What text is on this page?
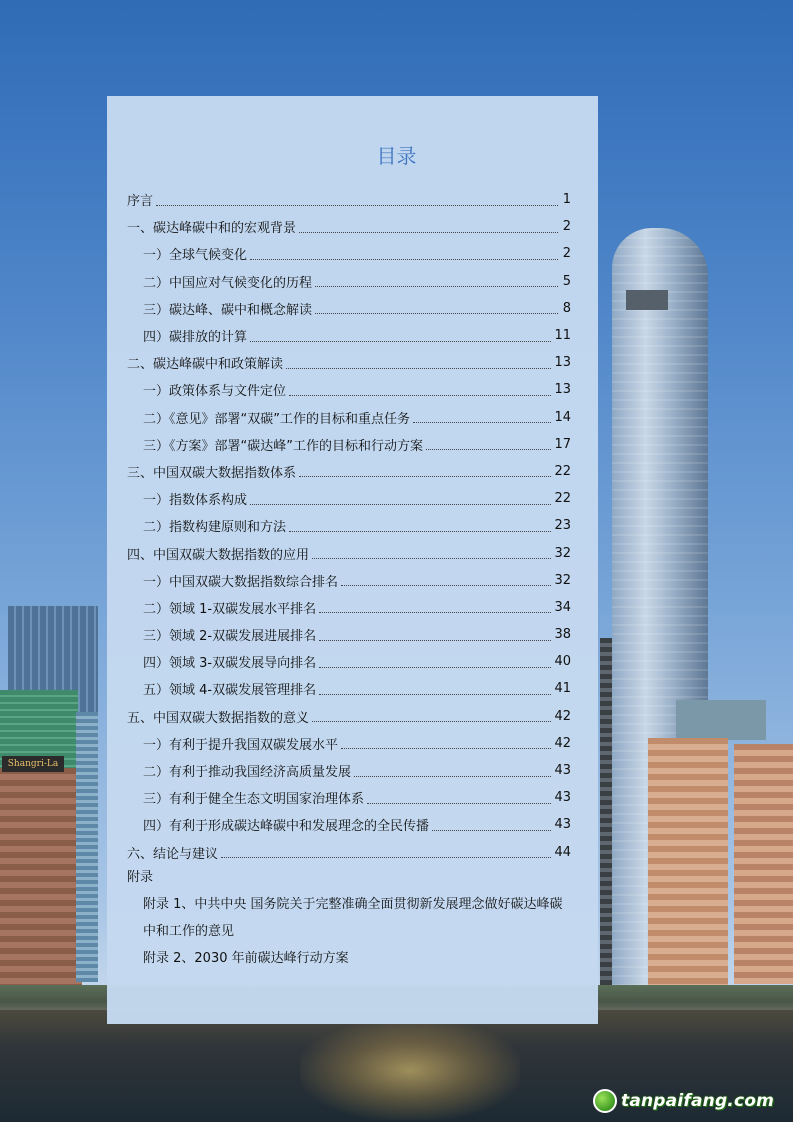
Shangri-La
目录
序言	1
一、碳达峰碳中和的宏观背景	2
一）全球气候变化	2
二）中国应对气候变化的历程	5
三）碳达峰、碳中和概念解读	8
四）碳排放的计算	11
二、碳达峰碳中和政策解读	13
一）政策体系与文件定位	13
二）《意见》部署“双碳”工作的目标和重点任务	14
三）《方案》部署“碳达峰”工作的目标和行动方案	17
三、中国双碳大数据指数体系	22
一）指数体系构成	22
二）指数构建原则和方法	23
四、中国双碳大数据指数的应用	32
一）中国双碳大数据指数综合排名	32
二）领域 1-双碳发展水平排名	34
三）领域 2-双碳发展进展排名	38
四）领域 3-双碳发展导向排名	40
五）领域 4-双碳发展管理排名	41
五、中国双碳大数据指数的意义	42
一）有利于提升我国双碳发展水平	42
二）有利于推动我国经济高质量发展	43
三）有利于健全生态文明国家治理体系	43
四）有利于形成碳达峰碳中和发展理念的全民传播	43
六、结论与建议	44
附录
附录 1、中共中央 国务院关于完整准确全面贯彻新发展理念做好碳达峰碳中和工作的意见
附录 2、2030 年前碳达峰行动方案
tanpaifang.com
